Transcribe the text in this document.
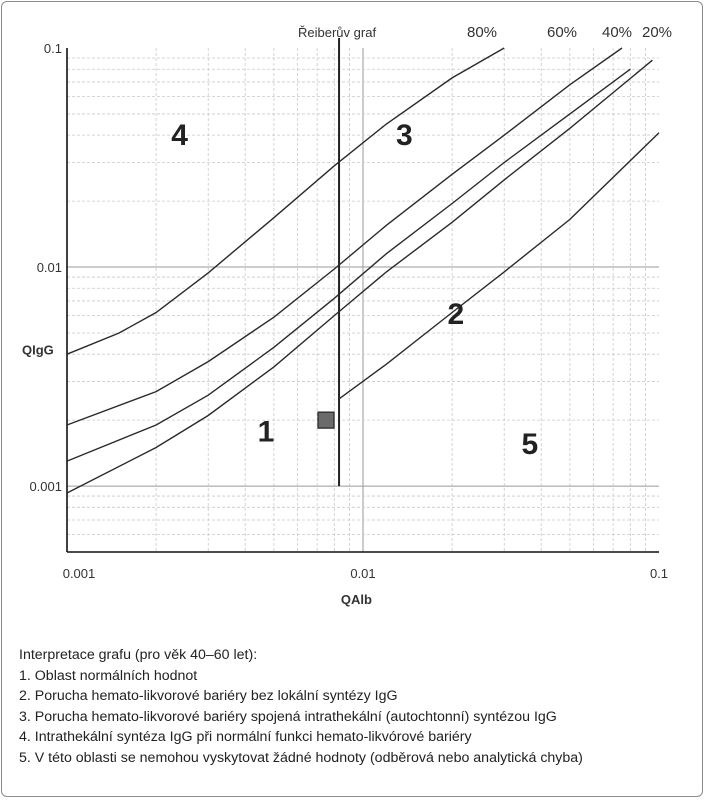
0.001	0.01	0.1
0.001
0.01
0.1
QAlb
QIgG
Řeiberův graf	80%	60% 40% 20%
1
2
3
4
5
Interpretace grafu (pro věk 40–60 let):
1. Oblast normálních hodnot
2. Porucha hemato-likvorové bariéry bez lokální syntézy IgG
3. Porucha hemato-likvorové bariéry spojená intrathekální (autochtonní) syntézou IgG
4. Intrathekální syntéza IgG při normální funkci hemato-likvórové bariéry
5. V této oblasti se nemohou vyskytovat žádné hodnoty (odběrová nebo analytická chyba)
